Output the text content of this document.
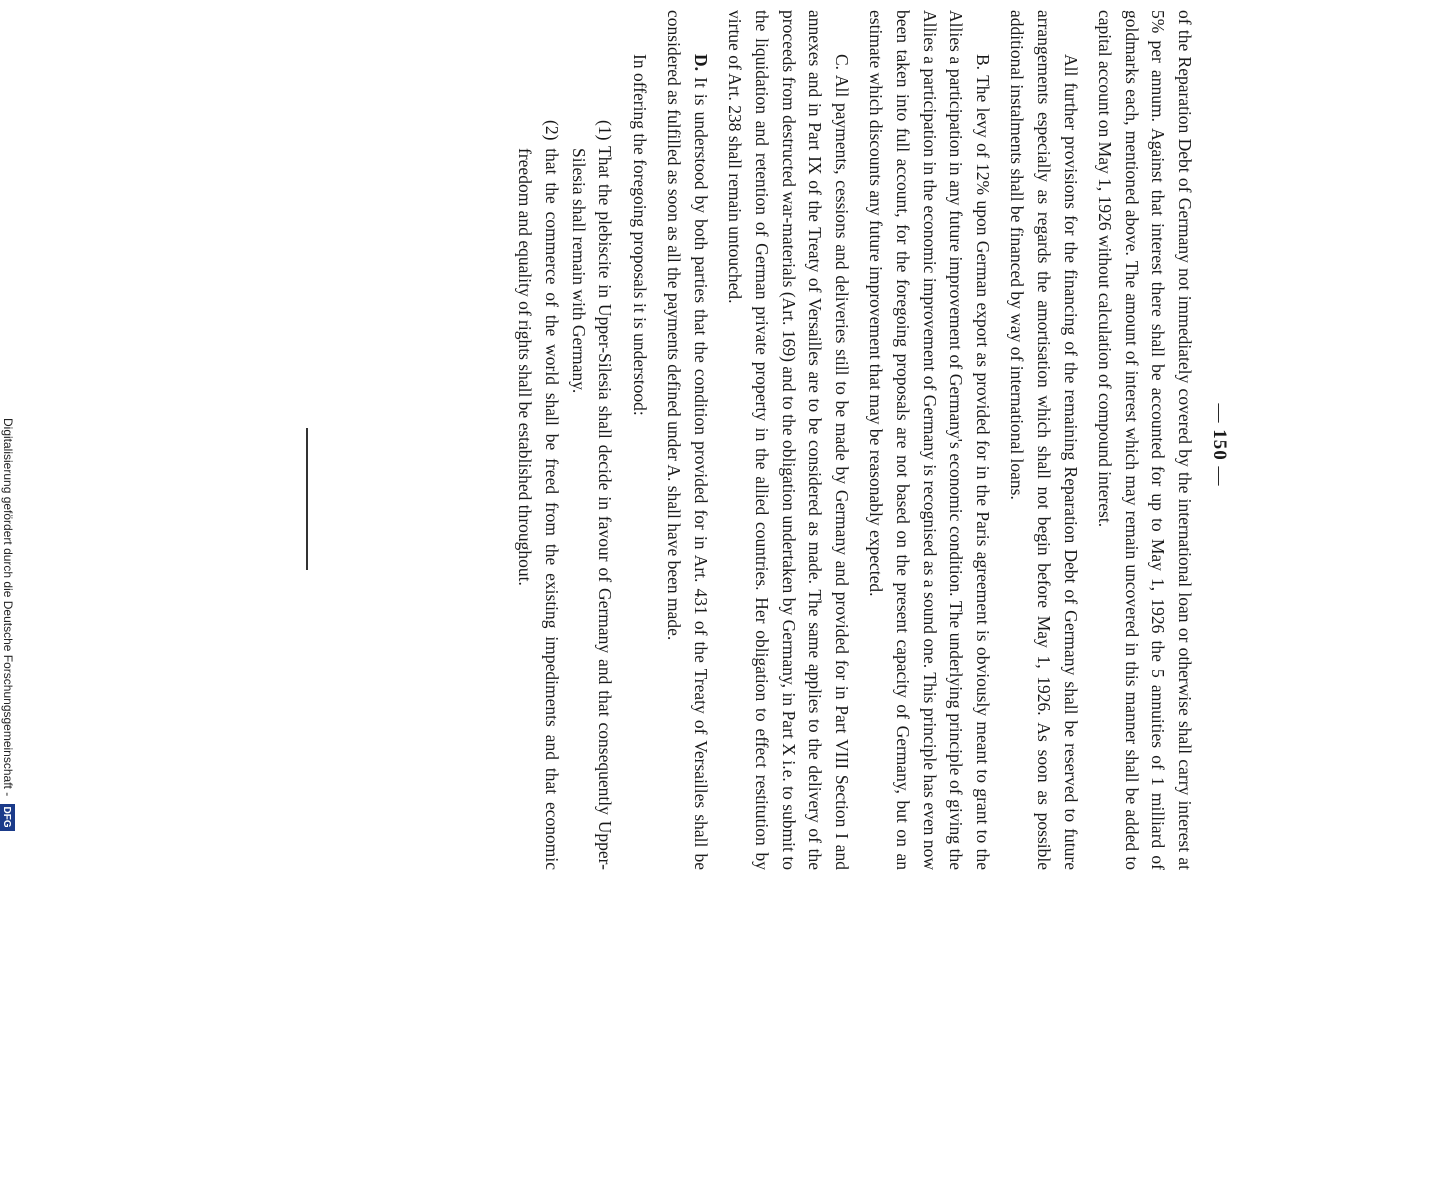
— 150 —

of the Reparation Debt of Germany not immediately covered by the international loan or otherwise shall carry interest at 5% per annum. Against that interest there shall be accounted for up to May 1, 1926 the 5 annuities of 1 milliard of goldmarks each, mentioned above. The amount of interest which may remain uncovered in this manner shall be added to capital account on May 1, 1926 without calculation of compound interest.

All further provisions for the financing of the remaining Reparation Debt of Germany shall be reserved to future arrangements especially as regards the amortisation which shall not begin before May 1, 1926. As soon as possible additional instalments shall be financed by way of international loans.

B. The levy of 12% upon German export as provided for in the Paris agreement is obviously meant to grant to the Allies a participation in any future improvement of Germany's economic condition. The underlying principle of giving the Allies a participation in the economic improvement of Germany is recognised as a sound one. This principle has even now been taken into full account, for the foregoing proposals are not based on the present capacity of Germany, but on an estimate which discounts any future improvement that may be reasonably expected.

C. All payments, cessions and deliveries still to be made by Germany and provided for in Part VIII Section I and annexes and in Part IX of the Treaty of Versailles are to be considered as made. The same applies to the delivery of the proceeds from destructed war-materials (Art. 169) and to the obligation undertaken by Germany, in Part X i.e. to submit to the liquidation and retention of German private property in the allied countries. Her obligation to effect restitution by virtue of Art. 238 shall remain untouched.

D. It is understood by both parties that the condition provided for in Art. 431 of the Treaty of Versailles shall be considered as fulfilled as soon as all the payments defined under A. shall have been made.

In offering the foregoing proposals it is understood:

(1) That the plebiscite in Upper-Silesia shall decide in favour of Germany and that consequently Upper-Silesia shall remain with Germany.

(2) that the commerce of the world shall be freed from the existing impediments and that economic freedom and equality of rights shall be established throughout.

Digitalisierung gefördert durch die Deutsche Forschungsgemeinschaft - DFG
